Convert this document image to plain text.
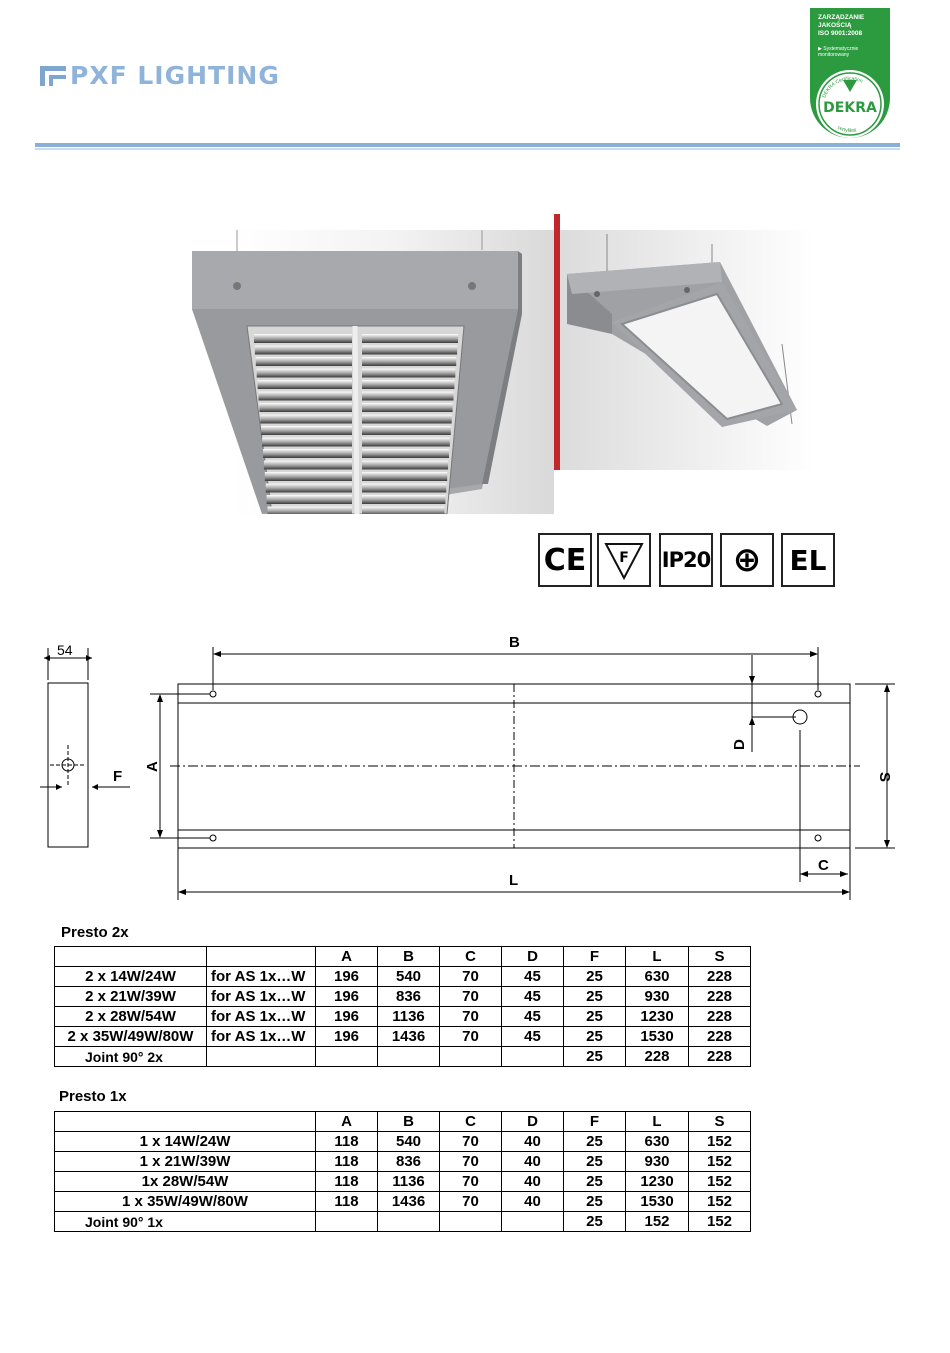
PXF LIGHTING
ZARZĄDZANIE
JAKOŚCIĄ
ISO 9001:2008
▶ Systematycznie
monitorowany
DEKRA Certification
certyfikat
DEKRA
CE F IP20 ⊕ EL
54
F
B
L
C
A
S
D
Presto 2x
		A	B	C	D	F	L	S
2 x 14W/24W	for AS 1x…W	196	540	70	45	25	630	228
2 x 21W/39W	for AS 1x…W	196	836	70	45	25	930	228
2 x 28W/54W	for AS 1x…W	196	1136	70	45	25	1230	228
2 x 35W/49W/80W	for AS 1x…W	196	1436	70	45	25	1530	228
Joint 90° 2x						25	228	228
Presto 1x
	A	B	C	D	F	L	S
1 x 14W/24W	118	540	70	40	25	630	152
1 x 21W/39W	118	836	70	40	25	930	152
1x 28W/54W	118	1136	70	40	25	1230	152
1 x 35W/49W/80W	118	1436	70	40	25	1530	152
Joint 90° 1x					25	152	152
